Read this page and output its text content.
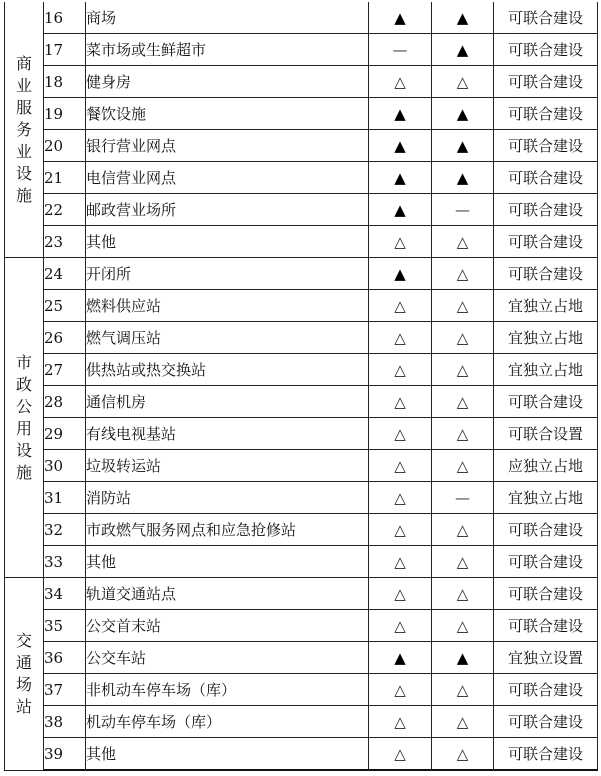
商业服务业设施	16	商场	▲	▲	可联合建设
	17	菜市场或生鲜超市	—	▲	可联合建设
	18	健身房	△	△	可联合建设
	19	餐饮设施	▲	▲	可联合建设
	20	银行营业网点	▲	▲	可联合建设
	21	电信营业网点	▲	▲	可联合建设
	22	邮政营业场所	▲	—	可联合建设
	23	其他	△	△	可联合建设
市政公用设施	24	开闭所	▲	△	可联合建设
	25	燃料供应站	△	△	宜独立占地
	26	燃气调压站	△	△	宜独立占地
	27	供热站或热交换站	△	△	宜独立占地
	28	通信机房	△	△	可联合建设
	29	有线电视基站	△	△	可联合设置
	30	垃圾转运站	△	△	应独立占地
	31	消防站	△	—	宜独立占地
	32	市政燃气服务网点和应急抢修站	△	△	可联合建设
	33	其他	△	△	可联合建设
交通场站	34	轨道交通站点	△	△	可联合建设
	35	公交首末站	△	△	可联合建设
	36	公交车站	▲	▲	宜独立设置
	37	非机动车停车场（库）	△	△	可联合建设
	38	机动车停车场（库）	△	△	可联合建设
	39	其他	△	△	可联合建设
